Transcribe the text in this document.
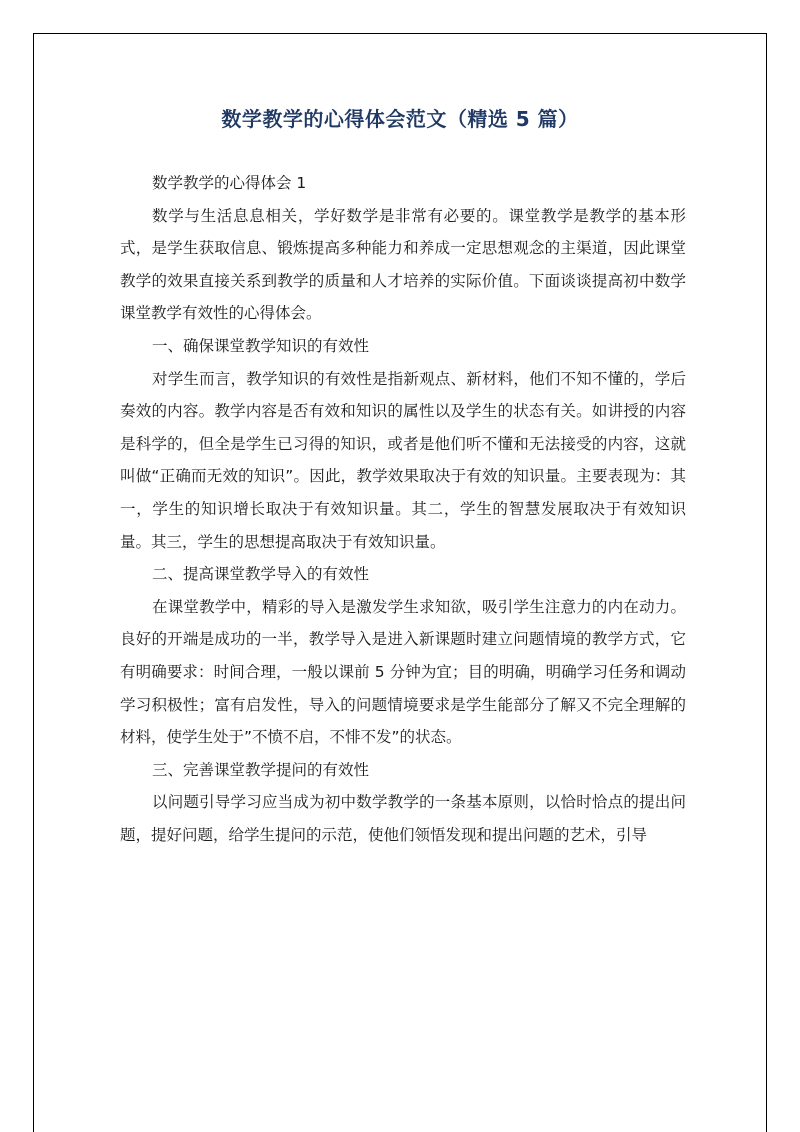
数学教学的心得体会范文（精选 5 篇）

数学教学的心得体会 1

数学与生活息息相关，学好数学是非常有必要的。课堂教学是教学的基本形式，是学生获取信息、锻炼提高多种能力和养成一定思想观念的主渠道，因此课堂教学的效果直接关系到教学的质量和人才培养的实际价值。下面谈谈提高初中数学课堂教学有效性的心得体会。

一、确保课堂教学知识的有效性

对学生而言，教学知识的有效性是指新观点、新材料，他们不知不懂的，学后奏效的内容。教学内容是否有效和知识的属性以及学生的状态有关。如讲授的内容是科学的，但全是学生已习得的知识，或者是他们听不懂和无法接受的内容，这就叫做“正确而无效的知识”。因此，教学效果取决于有效的知识量。主要表现为：其一，学生的知识增长取决于有效知识量。其二，学生的智慧发展取决于有效知识量。其三，学生的思想提高取决于有效知识量。

二、提高课堂教学导入的有效性

在课堂教学中，精彩的导入是激发学生求知欲，吸引学生注意力的内在动力。良好的开端是成功的一半，教学导入是进入新课题时建立问题情境的教学方式，它有明确要求：时间合理，一般以课前 5 分钟为宜；目的明确，明确学习任务和调动学习积极性；富有启发性，导入的问题情境要求是学生能部分了解又不完全理解的材料，使学生处于”不愤不启，不悱不发”的状态。

三、完善课堂教学提问的有效性

以问题引导学习应当成为初中数学教学的一条基本原则，以恰时恰点的提出问题，提好问题，给学生提问的示范，使他们领悟发现和提出问题的艺术，引导
